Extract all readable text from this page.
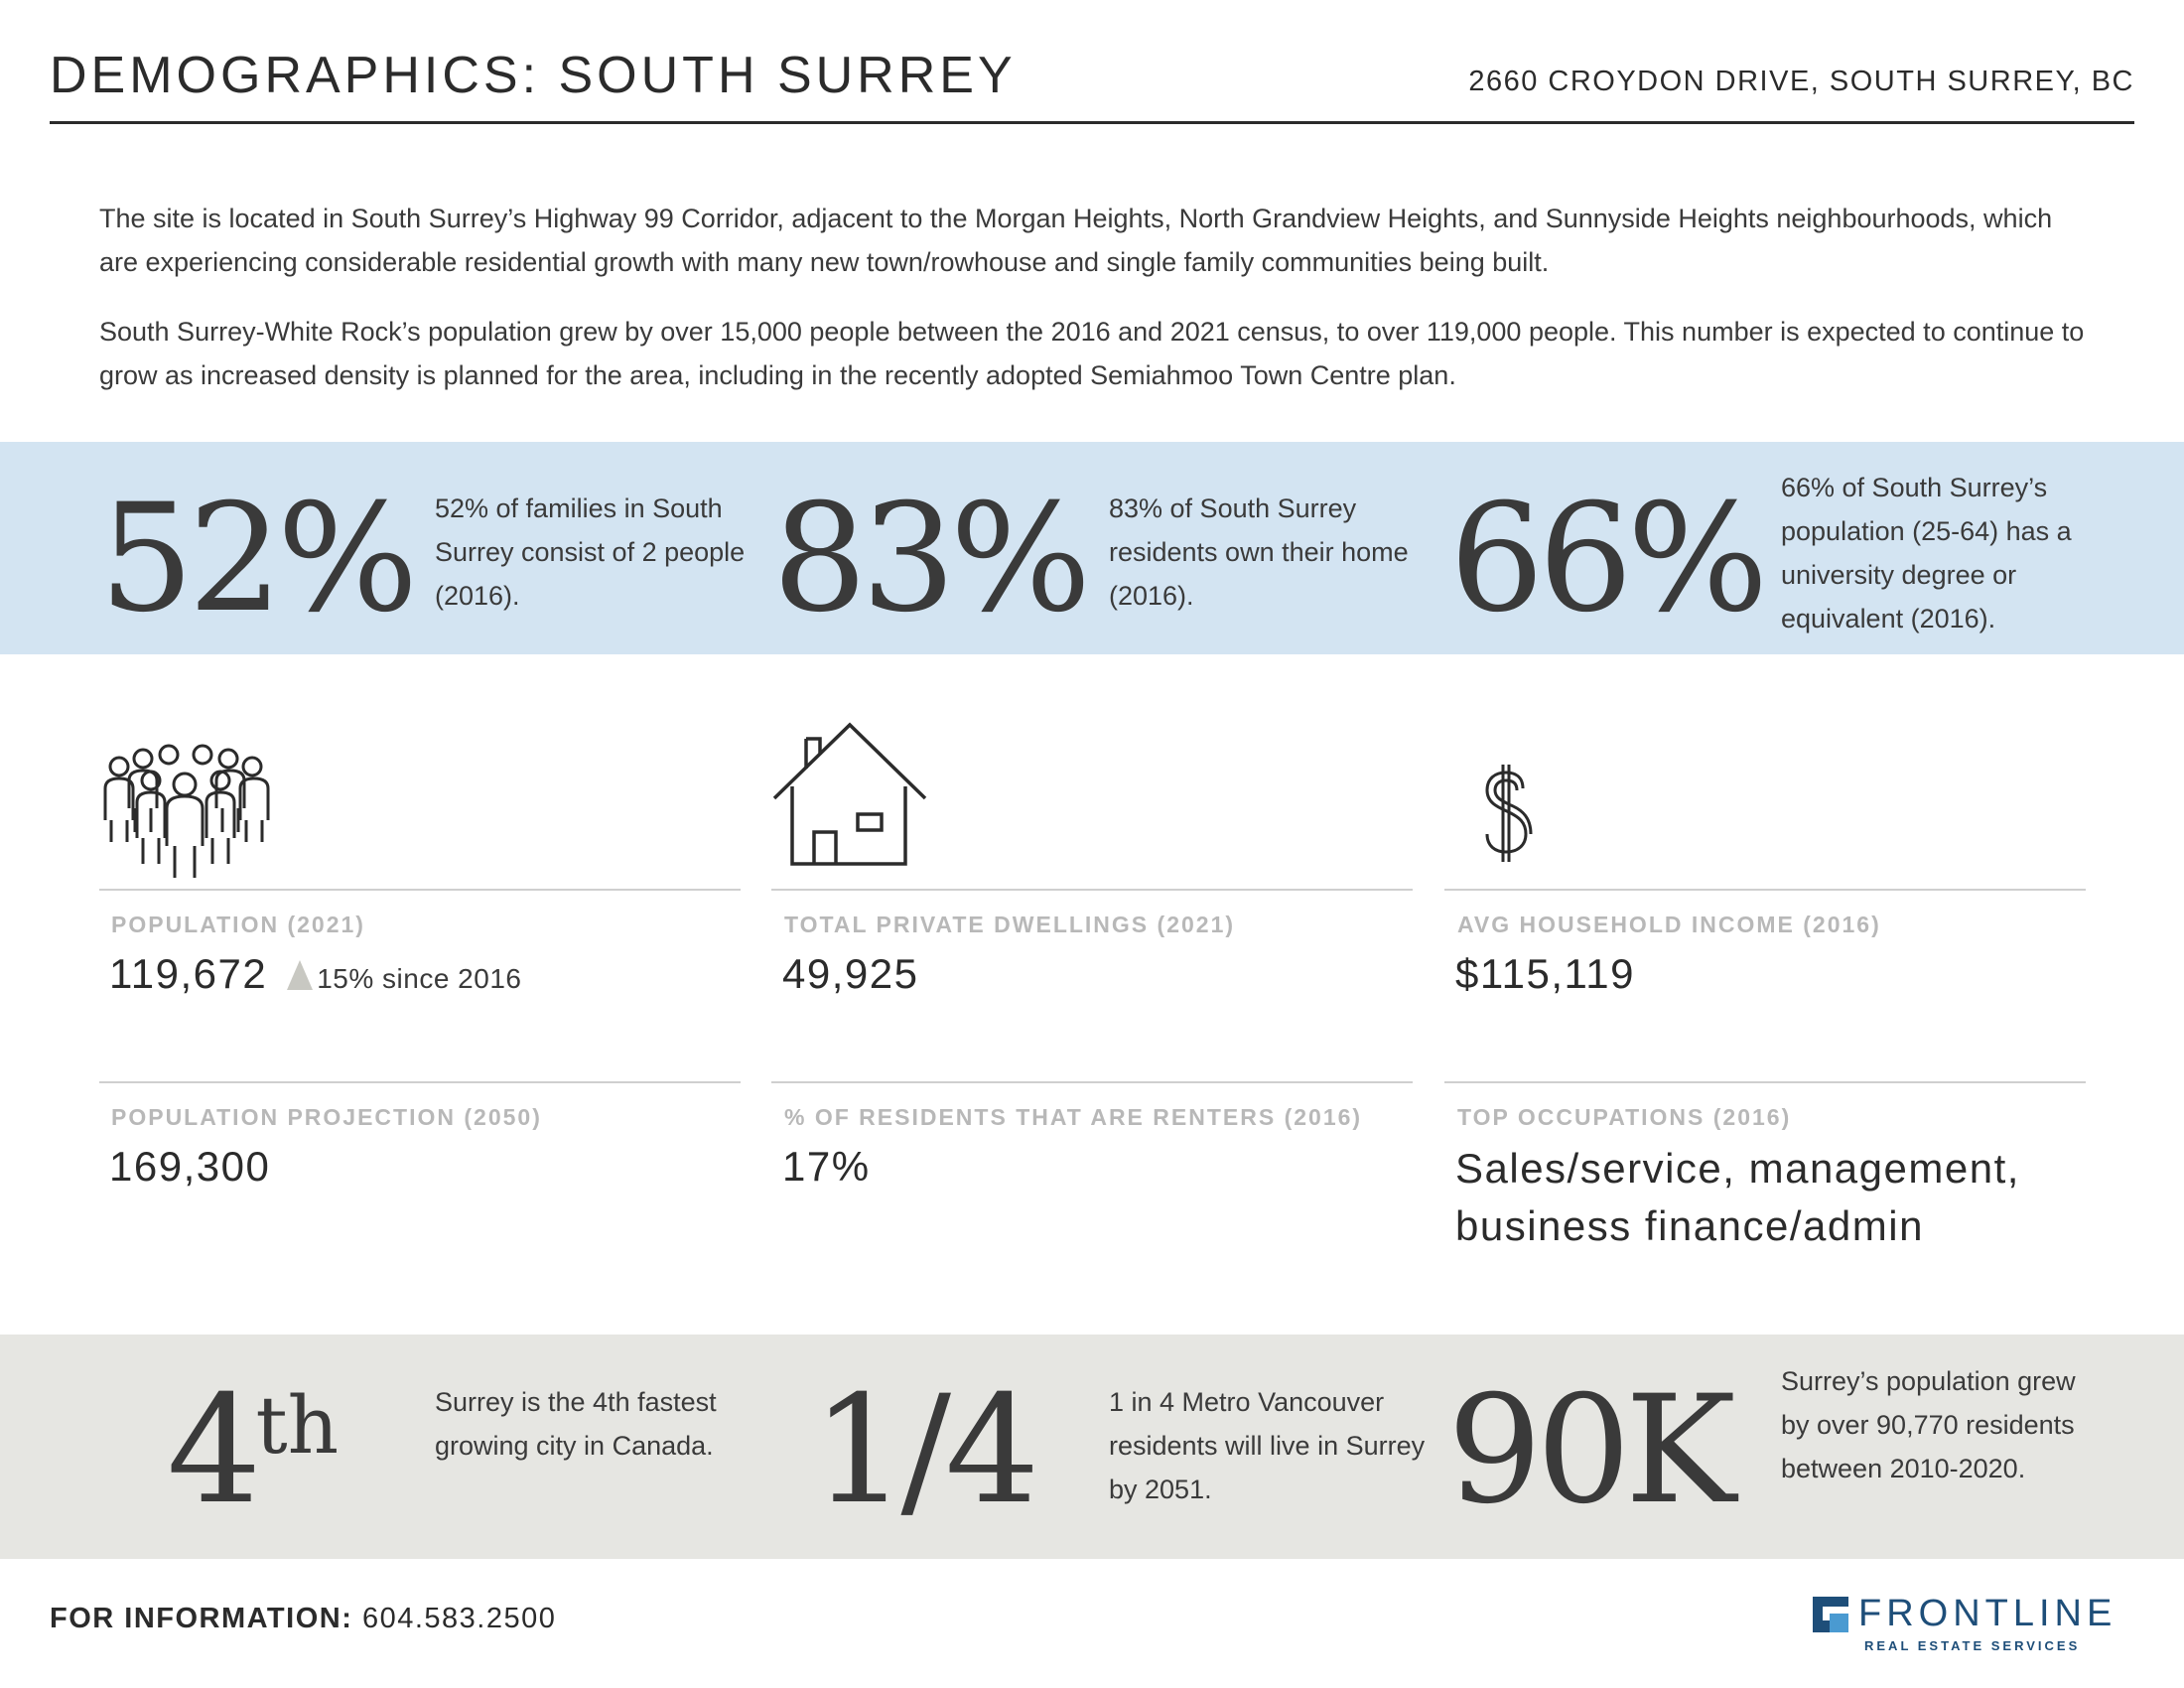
DEMOGRAPHICS: SOUTH SURREY	2660 CROYDON DRIVE, SOUTH SURREY, BC

The site is located in South Surrey’s Highway 99 Corridor, adjacent to the Morgan Heights, North Grandview Heights, and Sunnyside Heights neighbourhoods, which are experiencing considerable residential growth with many new town/rowhouse and single family communities being built.

South Surrey-White Rock’s population grew by over 15,000 people between the 2016 and 2021 census, to over 119,000 people. This number is expected to continue to grow as increased density is planned for the area, including in the recently adopted Semiahmoo Town Centre plan.

52% 52% of families in South Surrey consist of 2 people (2016).	83% 83% of South Surrey residents own their home (2016).	66% 66% of South Surrey’s population (25-64) has a university degree or equivalent (2016).
POPULATION (2021)
119,672 15% since 2016
TOTAL PRIVATE DWELLINGS (2021)
49,925
AVG HOUSEHOLD INCOME (2016)
$115,119
POPULATION PROJECTION (2050)
169,300
% OF RESIDENTS THAT ARE RENTERS (2016)
17%
TOP OCCUPATIONS (2016)
Sales/service, management, business finance/admin
4th	Surrey is the 4th fastest growing city in Canada. 1/4	1 in 4 Metro Vancouver residents will live in Surrey by 2051.	90K Surrey’s population grew by over 90,770 residents between 2010-2020.
FOR INFORMATION: 604.583.2500	FRONTLINE
REAL ESTATE SERVICES
